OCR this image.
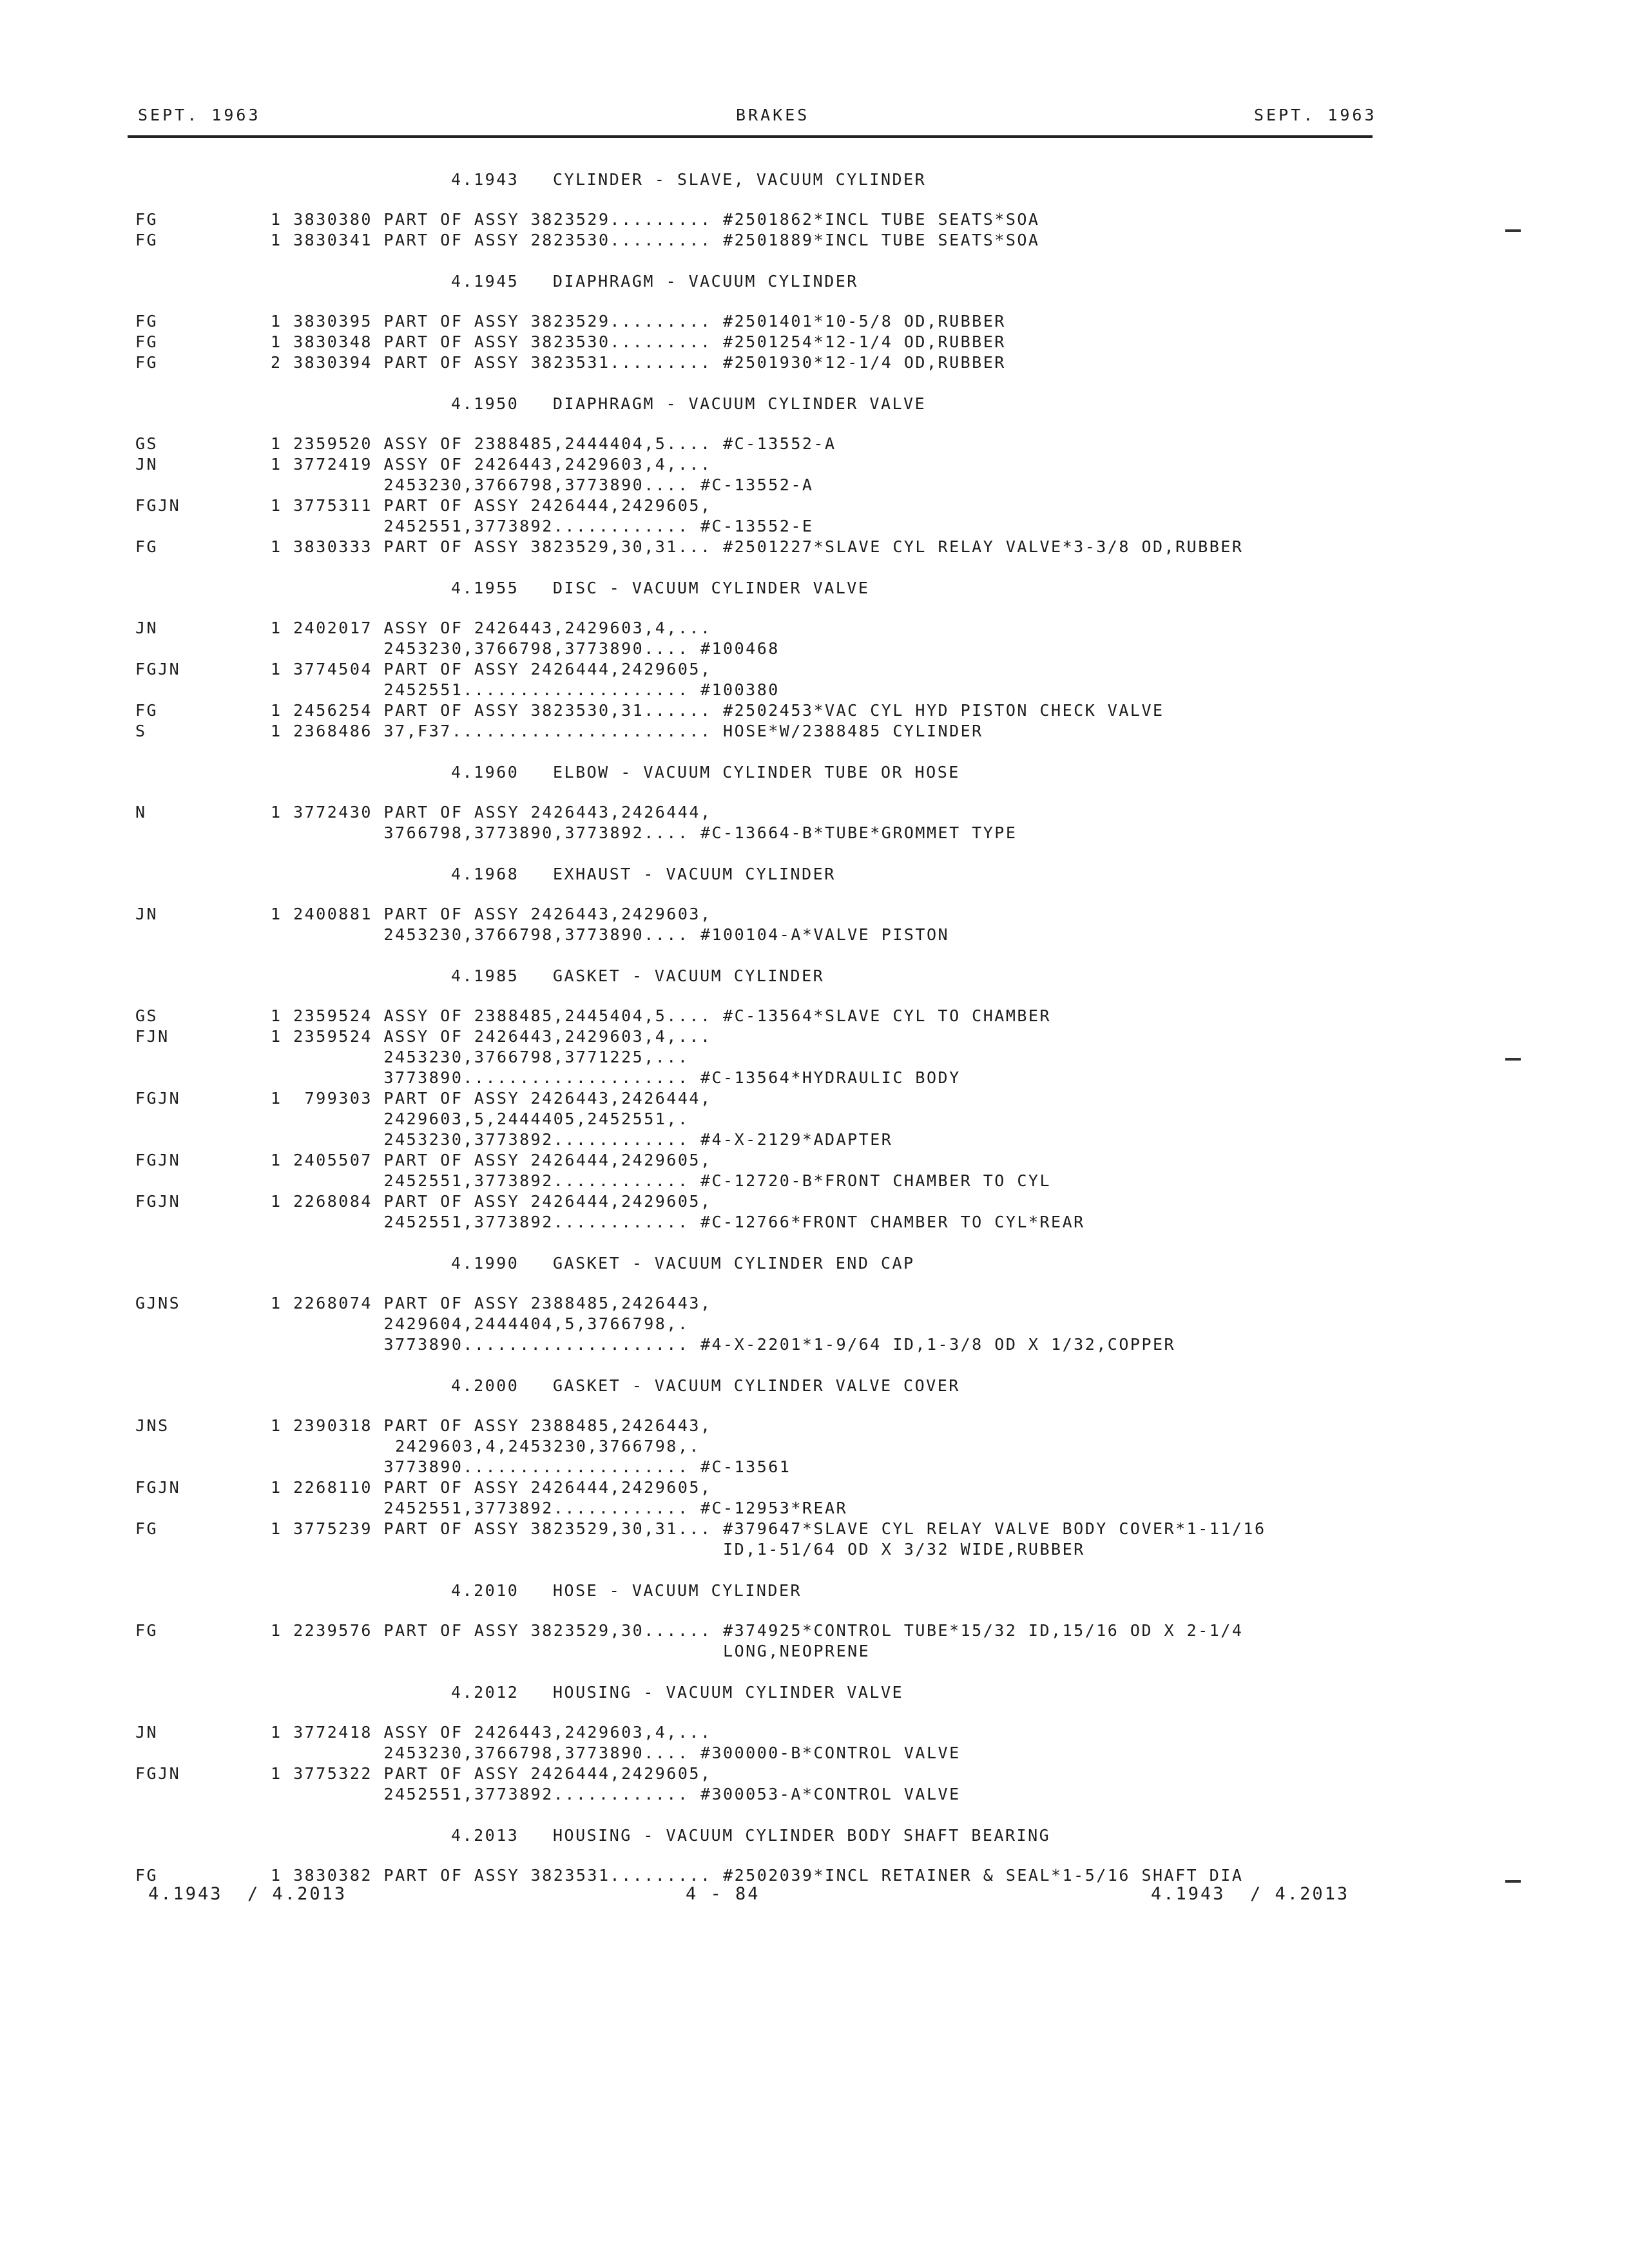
SEPT. 1963	BRAKES	SEPT. 1963
4.1943   CYLINDER - SLAVE, VACUUM CYLINDER
FG	1 3830380 PART OF ASSY 3823529......... #2501862*INCL TUBE SEATS*SOA
FG	1 3830341 PART OF ASSY 2823530......... #2501889*INCL TUBE SEATS*SOA
4.1945   DIAPHRAGM - VACUUM CYLINDER
FG	1 3830395 PART OF ASSY 3823529......... #2501401*10-5/8 OD,RUBBER
FG	1 3830348 PART OF ASSY 3823530......... #2501254*12-1/4 OD,RUBBER
FG	2 3830394 PART OF ASSY 3823531......... #2501930*12-1/4 OD,RUBBER
4.1950   DIAPHRAGM - VACUUM CYLINDER VALVE
GS	1 2359520 ASSY OF 2388485,2444404,5.... #C-13552-A
JN	1 3772419 ASSY OF 2426443,2429603,4,...
2453230,3766798,3773890.... #C-13552-A
FGJN	1 3775311 PART OF ASSY 2426444,2429605,
2452551,3773892............ #C-13552-E
FG	1 3830333 PART OF ASSY 3823529,30,31... #2501227*SLAVE CYL RELAY VALVE*3-3/8 OD,RUBBER
4.1955   DISC - VACUUM CYLINDER VALVE
JN	1 2402017 ASSY OF 2426443,2429603,4,...
2453230,3766798,3773890.... #100468
FGJN	1 3774504 PART OF ASSY 2426444,2429605,
2452551.................... #100380
FG	1 2456254 PART OF ASSY 3823530,31...... #2502453*VAC CYL HYD PISTON CHECK VALVE
S	1 2368486 37,F37....................... HOSE*W/2388485 CYLINDER
4.1960   ELBOW - VACUUM CYLINDER TUBE OR HOSE
N	1 3772430 PART OF ASSY 2426443,2426444,
3766798,3773890,3773892.... #C-13664-B*TUBE*GROMMET TYPE
4.1968   EXHAUST - VACUUM CYLINDER
JN	1 2400881 PART OF ASSY 2426443,2429603,
2453230,3766798,3773890.... #100104-A*VALVE PISTON
4.1985   GASKET - VACUUM CYLINDER
GS	1 2359524 ASSY OF 2388485,2445404,5.... #C-13564*SLAVE CYL TO CHAMBER
FJN	1 2359524 ASSY OF 2426443,2429603,4,...
2453230,3766798,3771225,...
3773890.................... #C-13564*HYDRAULIC BODY
FGJN	1  799303 PART OF ASSY 2426443,2426444,
2429603,5,2444405,2452551,.
2453230,3773892............ #4-X-2129*ADAPTER
FGJN	1 2405507 PART OF ASSY 2426444,2429605,
2452551,3773892............ #C-12720-B*FRONT CHAMBER TO CYL
FGJN	1 2268084 PART OF ASSY 2426444,2429605,
2452551,3773892............ #C-12766*FRONT CHAMBER TO CYL*REAR
4.1990   GASKET - VACUUM CYLINDER END CAP
GJNS	1 2268074 PART OF ASSY 2388485,2426443,
2429604,2444404,5,3766798,.
3773890.................... #4-X-2201*1-9/64 ID,1-3/8 OD X 1/32,COPPER
4.2000   GASKET - VACUUM CYLINDER VALVE COVER
JNS	1 2390318 PART OF ASSY 2388485,2426443,
2429603,4,2453230,3766798,.
3773890.................... #C-13561
FGJN	1 2268110 PART OF ASSY 2426444,2429605,
2452551,3773892............ #C-12953*REAR
FG	1 3775239 PART OF ASSY 3823529,30,31... #379647*SLAVE CYL RELAY VALVE BODY COVER*1-11/16
ID,1-51/64 OD X 3/32 WIDE,RUBBER
4.2010   HOSE - VACUUM CYLINDER
FG	1 2239576 PART OF ASSY 3823529,30...... #374925*CONTROL TUBE*15/32 ID,15/16 OD X 2-1/4
LONG,NEOPRENE
4.2012   HOUSING - VACUUM CYLINDER VALVE
JN	1 3772418 ASSY OF 2426443,2429603,4,...
2453230,3766798,3773890.... #300000-B*CONTROL VALVE
FGJN	1 3775322 PART OF ASSY 2426444,2429605,
2452551,3773892............ #300053-A*CONTROL VALVE
4.2013   HOUSING - VACUUM CYLINDER BODY SHAFT BEARING
FG	1 3830382 PART OF ASSY 3823531......... #2502039*INCL RETAINER & SEAL*1-5/16 SHAFT DIA
4.1943  / 4.2013	4 - 84	4.1943  / 4.2013
